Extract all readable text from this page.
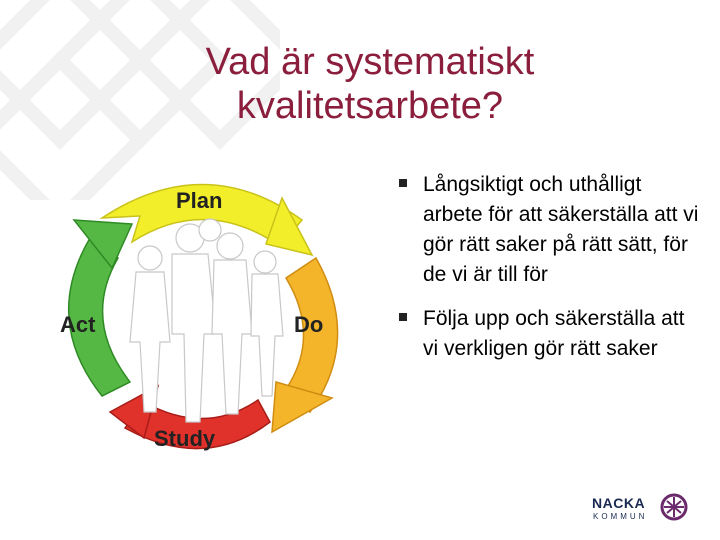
Vad är systematiskt
kvalitetsarbete?
Plan
Do
Study
Act
Långsiktigt och uthålligt arbete för att säkerställa att vi gör rätt saker på rätt sätt, för de vi är till för
Följa upp och säkerställa att vi verkligen gör rätt saker
NACKA
KOMMUN
